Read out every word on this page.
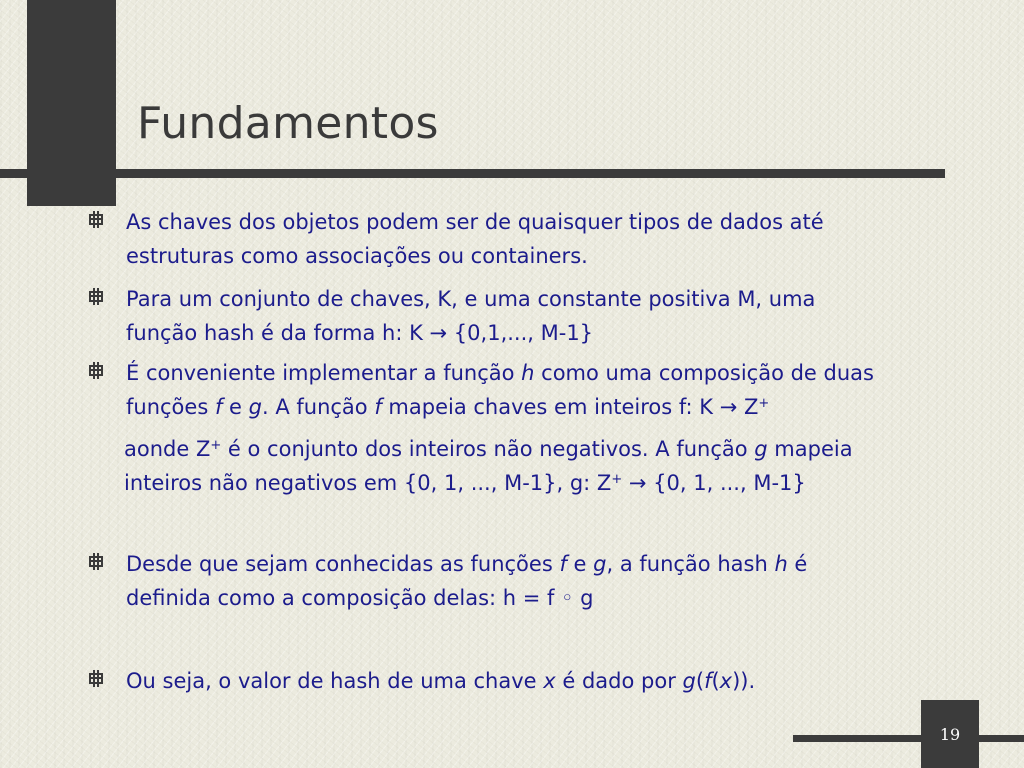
Fundamentos
As chaves dos objetos podem ser de quaisquer tipos de dados até
estruturas como associações ou containers.
Para um conjunto de chaves, K, e uma constante positiva M, uma
função hash é da forma h: K → {0,1,..., M-1}
É conveniente implementar a função h como uma composição de duas
funções f e g. A função f mapeia chaves em inteiros f: K → Z+
aonde Z+ é o conjunto dos inteiros não negativos. A função g mapeia
inteiros não negativos em {0, 1, ..., M-1}, g: Z+ → {0, 1, ..., M-1}
Desde que sejam conhecidas as funções f e g, a função hash h é
definida como a composição delas: h = f ◦ g
Ou seja, o valor de hash de uma chave x é dado por g(f(x)).
19
